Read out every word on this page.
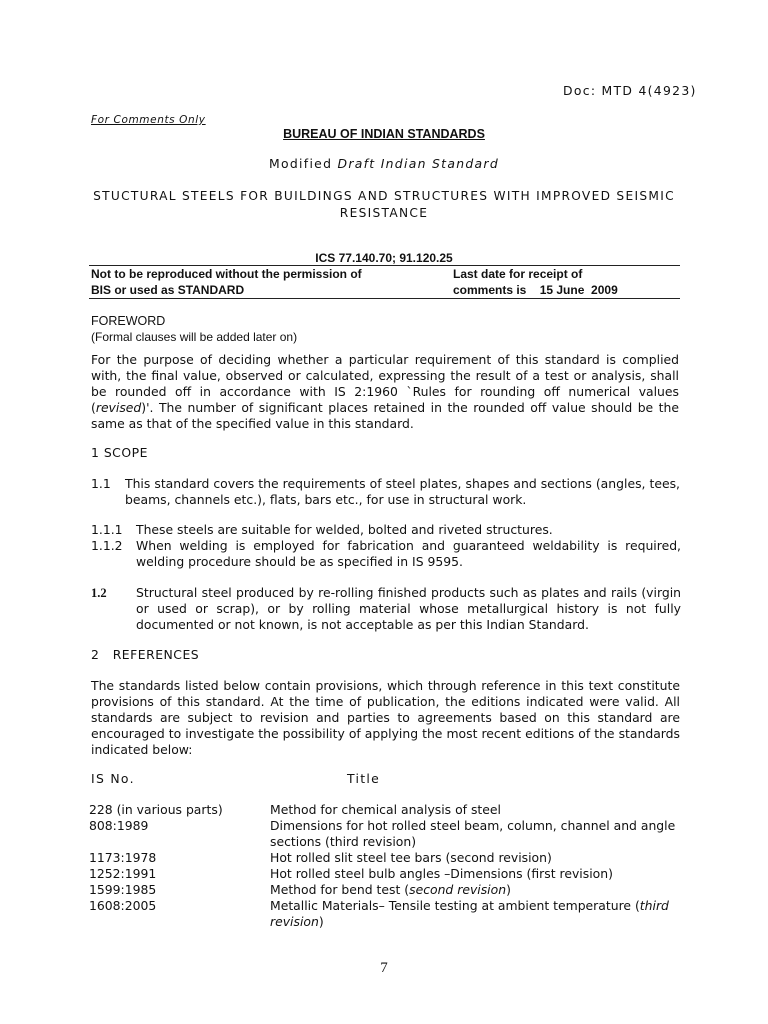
Doc: MTD 4(4923)
For Comments Only
BUREAU OF INDIAN STANDARDS
Modified Draft Indian Standard
STUCTURAL STEELS FOR BUILDINGS AND STRUCTURES WITH IMPROVED SEISMIC
RESISTANCE
ICS 77.140.70; 91.120.25
Not to be reproduced without the permission of
BIS or used as STANDARD
Last date for receipt of
comments is 15 June  2009
FOREWORD
(Formal clauses will be added later on)
For the purpose of deciding whether a particular requirement of this standard is complied with, the final value, observed or calculated, expressing the result of a test or analysis, shall be rounded off in accordance with IS 2:1960 `Rules for rounding off numerical values (revised)'. The number of significant places retained in the rounded off value should be the same as that of the specified value in this standard.
1 SCOPE
1.1 This standard covers the requirements of steel plates, shapes and sections (angles, tees, beams, channels etc.), flats, bars etc., for use in structural work.
1.1.1 These steels are suitable for welded, bolted and riveted structures.
1.1.2 When welding is employed for fabrication and guaranteed weldability is required, welding procedure should be as specified in IS 9595.
1.2 Structural steel produced by re-rolling finished products such as plates and rails (virgin or used or scrap), or by rolling material whose metallurgical history is not fully documented or not known, is not acceptable as per this Indian Standard.
2   REFERENCES
The standards listed below contain provisions, which through reference in this text constitute provisions of this standard. At the time of publication, the editions indicated were valid. All standards are subject to revision and parties to agreements based on this standard are encouraged to investigate the possibility of applying the most recent editions of the standards indicated below:
IS No.	Title
228 (in various parts)	Method for chemical analysis of steel
808:1989	Dimensions for hot rolled steel beam, column, channel and angle sections (third revision)
1173:1978	Hot rolled slit steel tee bars (second revision)
1252:1991	Hot rolled steel bulb angles –Dimensions (first revision)
1599:1985	Method for bend test (second revision)
1608:2005	Metallic Materials– Tensile testing at ambient temperature (third revision)
7
